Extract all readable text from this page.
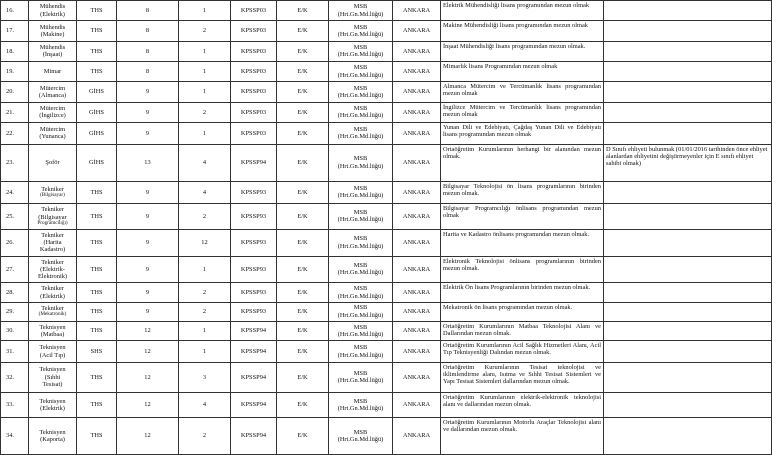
16.	Mühendis
(Elektrik)	THS	8	1	KPSSP03	E/K	MSB
(Hrt.Gn.Md.lüğü)	ANKARA	Elektrik Mühendisliği lisans programından mezun olmak	
17.	Mühendis
(Makine)	THS	8	2	KPSSP03	E/K	MSB
(Hrt.Gn.Md.lüğü)	ANKARA	Makine Mühendisliği lisans programından mezun olmak	
18.	Mühendis
(İnşaat)	THS	8	1	KPSSP03	E/K	MSB
(Hrt.Gn.Md.lüğü)	ANKARA	İnşaat Mühendisliği lisans programından mezun olmak.	
19.	Mimar	THS	8	1	KPSSP03	E/K	MSB
(Hrt.Gn.Md.lüğü)	ANKARA	Mimarlık lisans Programından mezun olmak	
20.	Mütercim
(Almanca)	GİHS	9	1	KPSSP03	E/K	MSB
(Hrt.Gn.Md.lüğü)	ANKARA	Almanca Mütercim ve Tercümanlık lisans programından mezun olmak	
21.	Mütercim
(İngilizce)	GİHS	9	2	KPSSP03	E/K	MSB
(Hrt.Gn.Md.lüğü)	ANKARA	İngilizce Mütercim ve Tercümanlık lisans programından mezun olmak	
22.	Mütercim
(Yunanca)	GİHS	9	1	KPSSP03	E/K	MSB
(Hrt.Gn.Md.lüğü)	ANKARA	Yunan Dili ve Edebiyatı, Çağdaş Yunan Dili ve Edebiyatı lisans programından mezun olmak	
23.	Şoför	GİHS	13	4	KPSSP94	E/K	MSB
(Hrt.Gn.Md.lüğü)	ANKARA	Ortaöğretim Kurumlarının herhangi bir alanından mezun olmak.	D Sınıfı ehliyeti bulunmak (01/01/2016 tarihinden önce ehliyet alanlardan ehliyetini değiştirmeyenler için E sınıfı ehliyet sahibi olmak)
24.	Tekniker
(Bilgisayar)	THS	9	4	KPSSP93	E/K	MSB
(Hrt.Gn.Md.lüğü)	ANKARA	Bilgisayar Teknolojisi ön lisans programlarının birinden mezun olmak.	
25.	Tekniker
(Bilgisayar
Programcılığı)	THS	9	2	KPSSP93	E/K	MSB
(Hrt.Gn.Md.lüğü)	ANKARA	Bilgisayar Programcılığı önlisans programından mezun olmak	
26.	Tekniker
(Harita
Kadastro)	THS	9	12	KPSSP93	E/K	MSB
(Hrt.Gn.Md.lüğü)	ANKARA	Harita ve Kadastro önlisans programından mezun olmak.	
27.	Tekniker
(Elektrik-
Elektronik)	THS	9	1	KPSSP93	E/K	MSB
(Hrt.Gn.Md.lüğü)	ANKARA	Elektronik Teknolojisi önlisans programlarının birinden mezun olmak.	
28.	Tekniker
(Elektrik)	THS	9	2	KPSSP93	E/K	MSB
(Hrt.Gn.Md.lüğü)	ANKARA	Elektrik Ön lisans Programlarının birinden mezun olmak.	
29.	Tekniker
(Mekatronik)	THS	9	2	KPSSP93	E/K	MSB
(Hrt.Gn.Md.lüğü)	ANKARA	Mekatronik ön lisans programından mezun olmak.	
30.	Teknisyen
(Matbaa)	THS	12	1	KPSSP94	E/K	MSB
(Hrt.Gn.Md.lüğü)	ANKARA	Ortaöğretim Kurumlarının Matbaa Teknolojisi Alanı ve Dallarından mezun olmak.	
31.	Teknisyen
(Acil Tıp)	SHS	12	1	KPSSP94	E/K	MSB
(Hrt.Gn.Md.lüğü)	ANKARA	Ortaöğretim Kurumlarının Acil Sağlık Hizmetleri Alanı, Acil Tıp Teknisyenliği Dalından mezun olmak.	
32.	Teknisyen
(Sıhhi
Tesisat)	THS	12	3	KPSSP94	E/K	MSB
(Hrt.Gn.Md.lüğü)	ANKARA	Ortaöğretim Kurumlarının Tesisat teknolojisi ve iklimlendirme alanı, Isıtma ve Sıhhi Tesisat Sistemleri ve Yapı Tesisat Sistemleri dallarından mezun olmak.	
33.	Teknisyen
(Elektrik)	THS	12	4	KPSSP94	E/K	MSB
(Hrt.Gn.Md.lüğü)	ANKARA	Ortaöğretim Kurumlarının elektrik-elektronik teknolojisi alanı ve dallarından mezun olmak.	
34.	Teknisyen
(Kaporta)	THS	12	2	KPSSP94	E/K	MSB
(Hrt.Gn.Md.lüğü)	ANKARA	Ortaöğretim Kurumlarının Motorlu Araçlar Teknolojisi alanı ve dallarından mezun olmak.	
